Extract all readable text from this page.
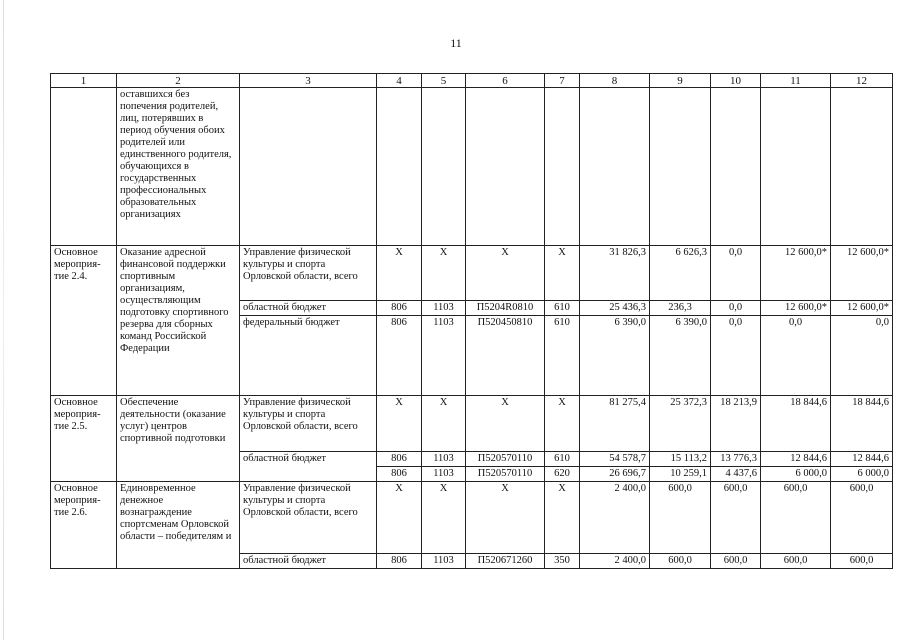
11
1	2	3	4	5	6	7	8	9	10	11	12
	оставшихся без попечения родителей, лиц, потерявших в период обучения обоих родителей или единственного родителя, обучающихся в государственных профессиональных образовательных организациях										
Основное мероприя-тие 2.4.	Оказание адресной финансовой поддержки спортивным организациям, осуществляющим подготовку спортивного резерва для сборных команд Российской Федерации	Управление физической культуры и спорта Орловской области, всего	Х	Х	Х	Х	31 826,3	6 626,3	0,0	12 600,0*	12 600,0*
		областной бюджет	806	1103	П5204R0810	610	25 436,3	236,3	0,0	12 600,0*	12 600,0*
		федеральный бюджет	806	1103	П520450810	610	6 390,0	6 390,0	0,0	0,0	0,0
Основное мероприя-тие 2.5.	Обеспечение деятельности (оказание услуг) центров спортивной подготовки	Управление физической культуры и спорта Орловской области, всего	Х	Х	Х	Х	81 275,4	25 372,3	18 213,9	18 844,6	18 844,6
		областной бюджет	806	1103	П520570110	610	54 578,7	15 113,2	13 776,3	12 844,6	12 844,6
			806	1103	П520570110	620	26 696,7	10 259,1	4 437,6	6 000,0	6 000,0
Основное мероприя-тие 2.6.	Единовременное денежное вознаграждение спортсменам Орловской области – победителям и	Управление физической культуры и спорта Орловской области, всего	Х	Х	Х	Х	2 400,0	600,0	600,0	600,0	600,0
		областной бюджет	806	1103	П520671260	350	2 400,0	600,0	600,0	600,0	600,0
